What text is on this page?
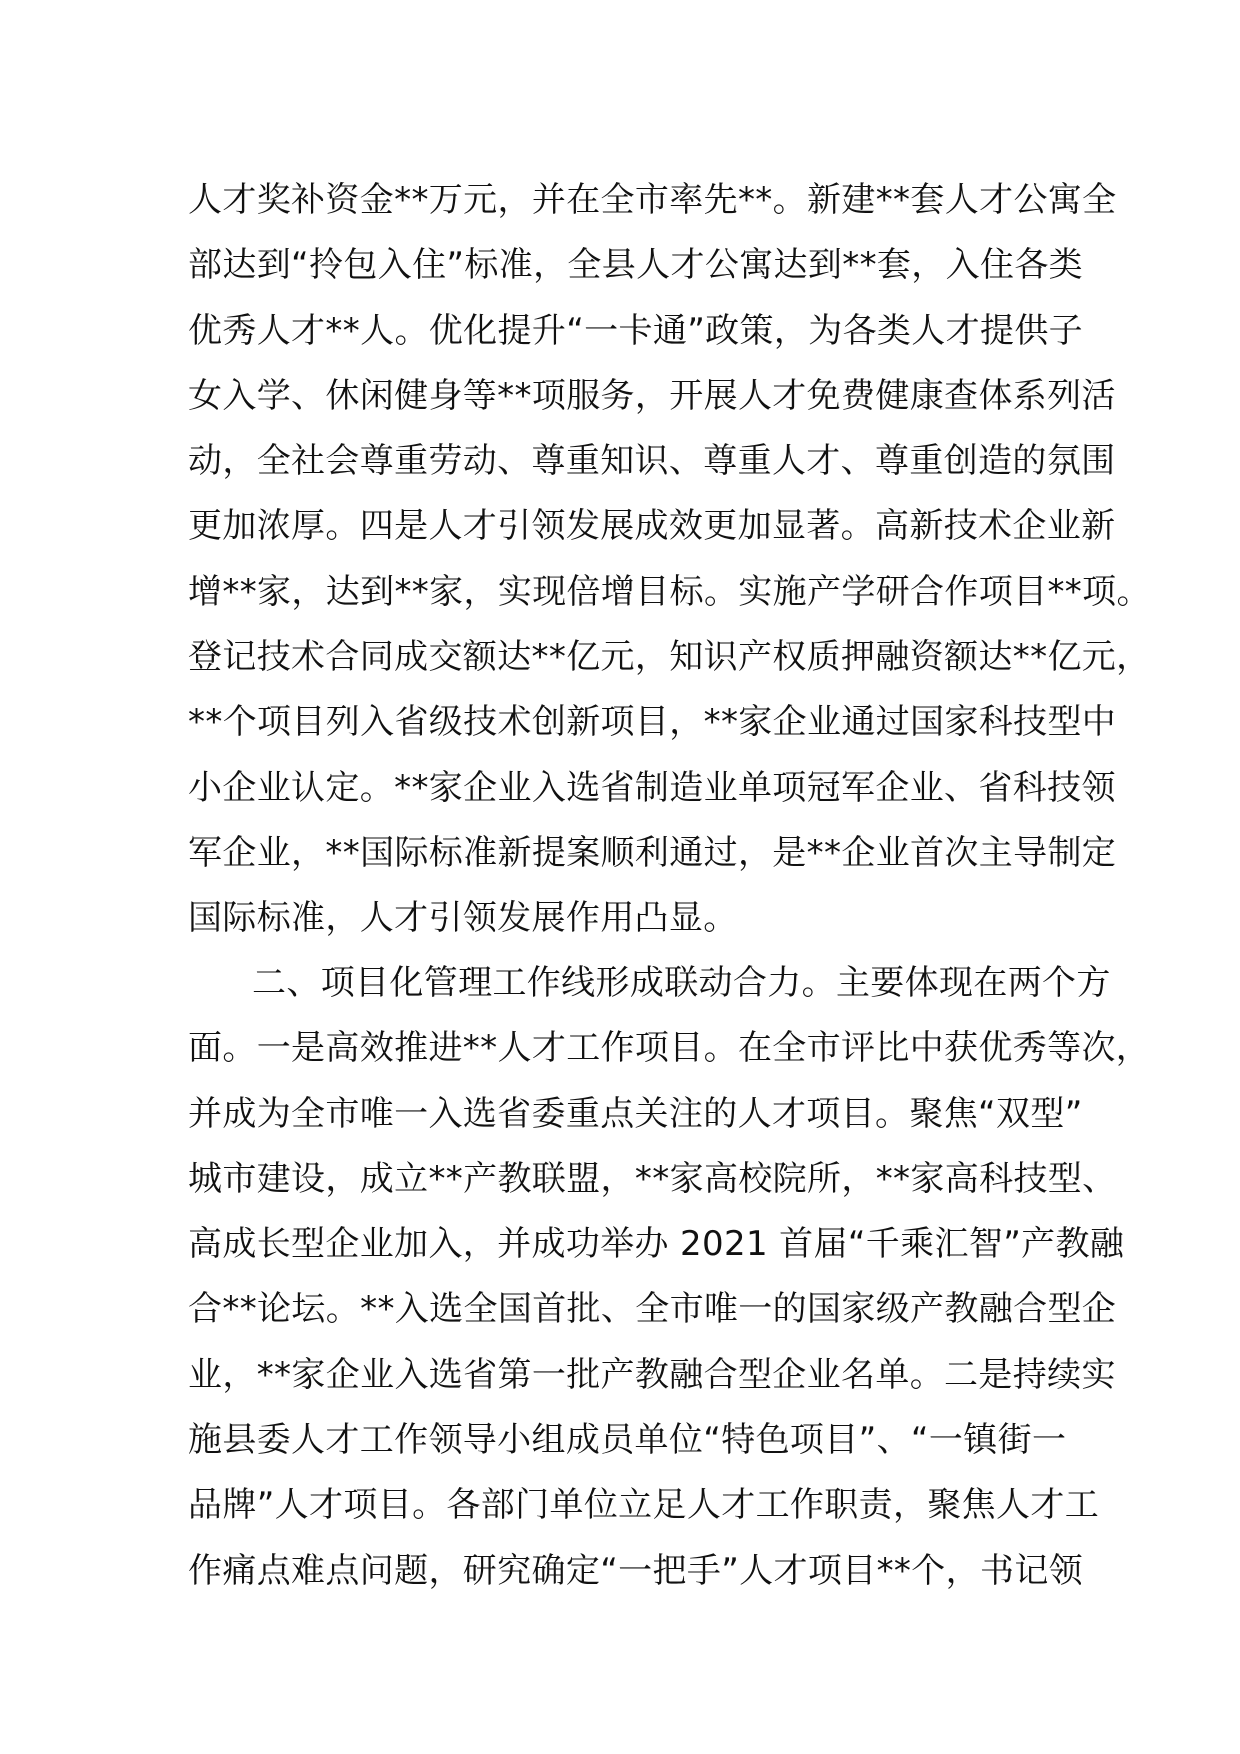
人才奖补资金**万元，并在全市率先**。新建**套人才公寓全
部达到“拎包入住”标准，全县人才公寓达到**套，入住各类
优秀人才**人。优化提升“一卡通”政策，为各类人才提供子
女入学、休闲健身等**项服务，开展人才免费健康查体系列活
动，全社会尊重劳动、尊重知识、尊重人才、尊重创造的氛围
更加浓厚。四是人才引领发展成效更加显著。高新技术企业新
增**家，达到**家，实现倍增目标。实施产学研合作项目**项。
登记技术合同成交额达**亿元，知识产权质押融资额达**亿元，
**个项目列入省级技术创新项目，**家企业通过国家科技型中
小企业认定。**家企业入选省制造业单项冠军企业、省科技领
军企业，**国际标准新提案顺利通过，是**企业首次主导制定
国际标准，人才引领发展作用凸显。
二、项目化管理工作线形成联动合力。主要体现在两个方
面。一是高效推进**人才工作项目。在全市评比中获优秀等次，
并成为全市唯一入选省委重点关注的人才项目。聚焦“双型”
城市建设，成立**产教联盟，**家高校院所，**家高科技型、
高成长型企业加入，并成功举办 2021 首届“千乘汇智”产教融
合**论坛。**入选全国首批、全市唯一的国家级产教融合型企
业，**家企业入选省第一批产教融合型企业名单。二是持续实
施县委人才工作领导小组成员单位“特色项目”、“一镇街一
品牌”人才项目。各部门单位立足人才工作职责，聚焦人才工
作痛点难点问题，研究确定“一把手”人才项目**个，书记领
